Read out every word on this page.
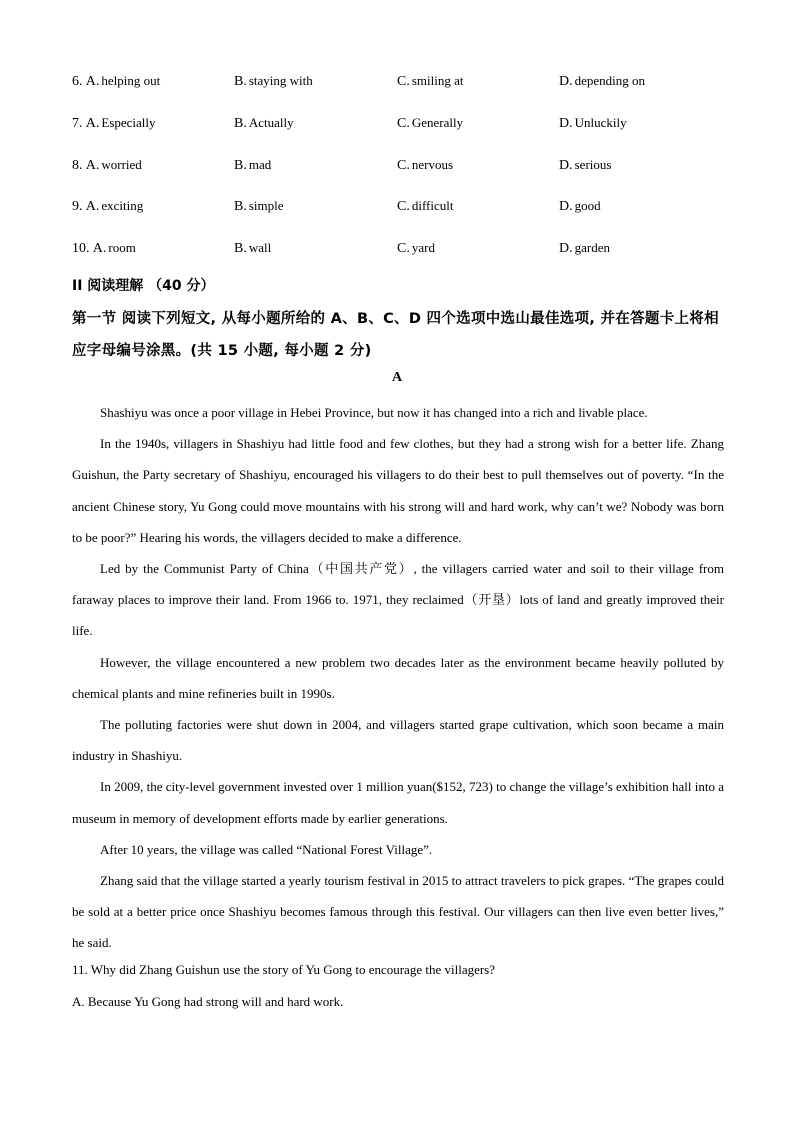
6. A. helping out	B. staying with	C. smiling at	D. depending on
7. A. Especially	B. Actually	C. Generally	D. Unluckily
8. A. worried	B. mad	C. nervous	D. serious
9. A. exciting	B. simple	C. difficult	D. good
10. A. room	B. wall	C. yard	D. garden
II 阅读理解 （40 分）
第一节 阅读下列短文, 从每小题所给的 A、B、C、D 四个选项中选山最佳选项, 并在答题卡上将相应字母编号涂黑。(共 15 小题, 每小题 2 分)
A

Shashiyu was once a poor village in Hebei Province, but now it has changed into a rich and livable place.

In the 1940s, villagers in Shashiyu had little food and few clothes, but they had a strong wish for a better life. Zhang Guishun, the Party secretary of Shashiyu, encouraged his villagers to do their best to pull themselves out of poverty. “In the ancient Chinese story, Yu Gong could move mountains with his strong will and hard work, why can’t we? Nobody was born to be poor?” Hearing his words, the villagers decided to make a difference.

Led by the Communist Party of China（中国共产党）, the villagers carried water and soil to their village from faraway places to improve their land. From 1966 to. 1971, they reclaimed（开垦）lots of land and greatly improved their life.

However, the village encountered a new problem two decades later as the environment became heavily polluted by chemical plants and mine refineries built in 1990s.

The polluting factories were shut down in 2004, and villagers started grape cultivation, which soon became a main industry in Shashiyu.

In 2009, the city-level government invested over 1 million yuan($152, 723) to change the village’s exhibition hall into a museum in memory of development efforts made by earlier generations.

After 10 years, the village was called “National Forest Village”.

Zhang said that the village started a yearly tourism festival in 2015 to attract travelers to pick grapes. “The grapes could be sold at a better price once Shashiyu becomes famous through this festival. Our villagers can then live even better lives,” he said.

11. Why did Zhang Guishun use the story of Yu Gong to encourage the villagers?
A. Because Yu Gong had strong will and hard work.
